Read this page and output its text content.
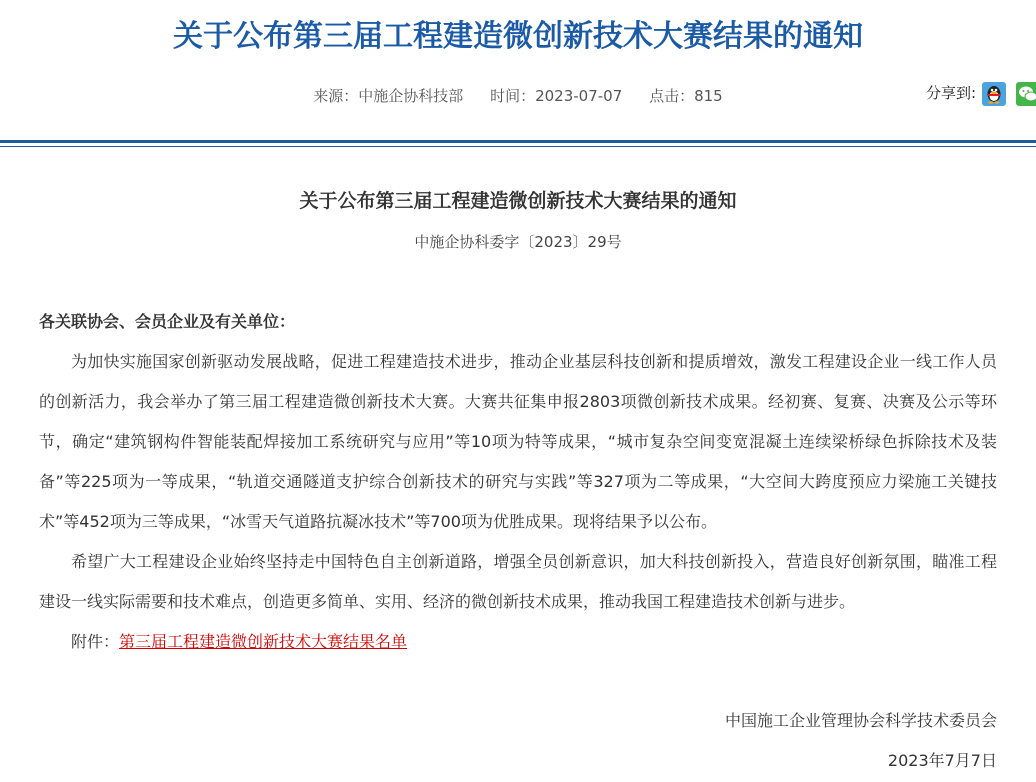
关于公布第三届工程建造微创新技术大赛结果的通知
来源：中施企协科技部 时间：2023-07-07 点击：815	分享到:
关于公布第三届工程建造微创新技术大赛结果的通知
中施企协科委字〔2023〕29号
各关联协会、会员企业及有关单位：

为加快实施国家创新驱动发展战略，促进工程建造技术进步，推动企业基层科技创新和提质增效，激发工程建设企业一线工作人员的创新活力，我会举办了第三届工程建造微创新技术大赛。大赛共征集申报2803项微创新技术成果。经初赛、复赛、决赛及公示等环节，确定“建筑钢构件智能装配焊接加工系统研究与应用”等10项为特等成果，“城市复杂空间变宽混凝土连续梁桥绿色拆除技术及装备”等225项为一等成果，“轨道交通隧道支护综合创新技术的研究与实践”等327项为二等成果，“大空间大跨度预应力梁施工关键技术”等452项为三等成果，“冰雪天气道路抗凝冰技术”等700项为优胜成果。现将结果予以公布。

希望广大工程建设企业始终坚持走中国特色自主创新道路，增强全员创新意识，加大科技创新投入，营造良好创新氛围，瞄准工程建设一线实际需要和技术难点，创造更多简单、实用、经济的微创新技术成果，推动我国工程建造技术创新与进步。

附件：第三届工程建造微创新技术大赛结果名单

中国施工企业管理协会科学技术委员会
2023年7月7日
